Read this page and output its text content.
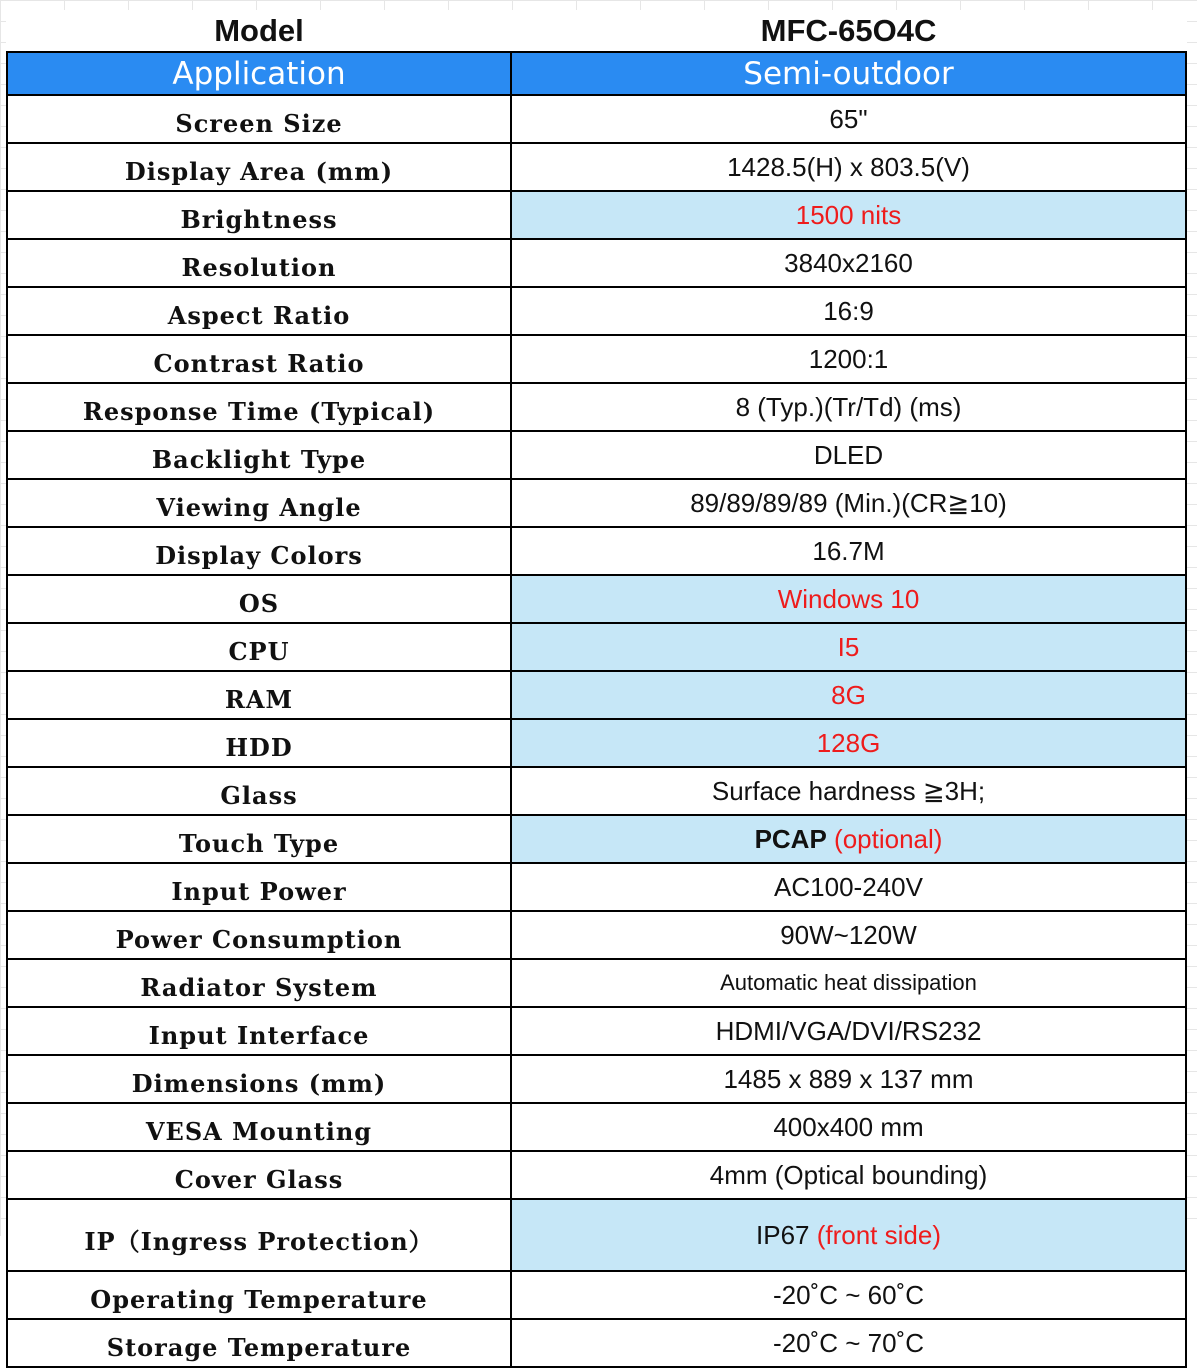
Model	MFC-65O4C
Application	Semi-outdoor
Screen Size	65"
Display Area (mm)	1428.5(H) x 803.5(V)
Brightness	1500 nits
Resolution	3840x2160
Aspect Ratio	16:9
Contrast Ratio	1200:1
Response Time (Typical)	8 (Typ.)(Tr/Td) (ms)
Backlight Type	DLED
Viewing Angle	89/89/89/89 (Min.)(CR≧10)
Display Colors	16.7M
OS	Windows 10
CPU	I5
RAM	8G
HDD	128G
Glass	Surface hardness ≧3H;
Touch Type	PCAP (optional)
Input Power	AC100-240V
Power Consumption	90W~120W
Radiator System	Automatic heat dissipation
Input Interface	HDMI/VGA/DVI/RS232
Dimensions (mm)	1485 x 889 x 137 mm
VESA Mounting	400x400 mm
Cover Glass	4mm (Optical bounding)
IP（Ingress Protection）	IP67 (front side)
Operating Temperature	-20˚C ~ 60˚C
Storage Temperature	-20˚C ~ 70˚C
